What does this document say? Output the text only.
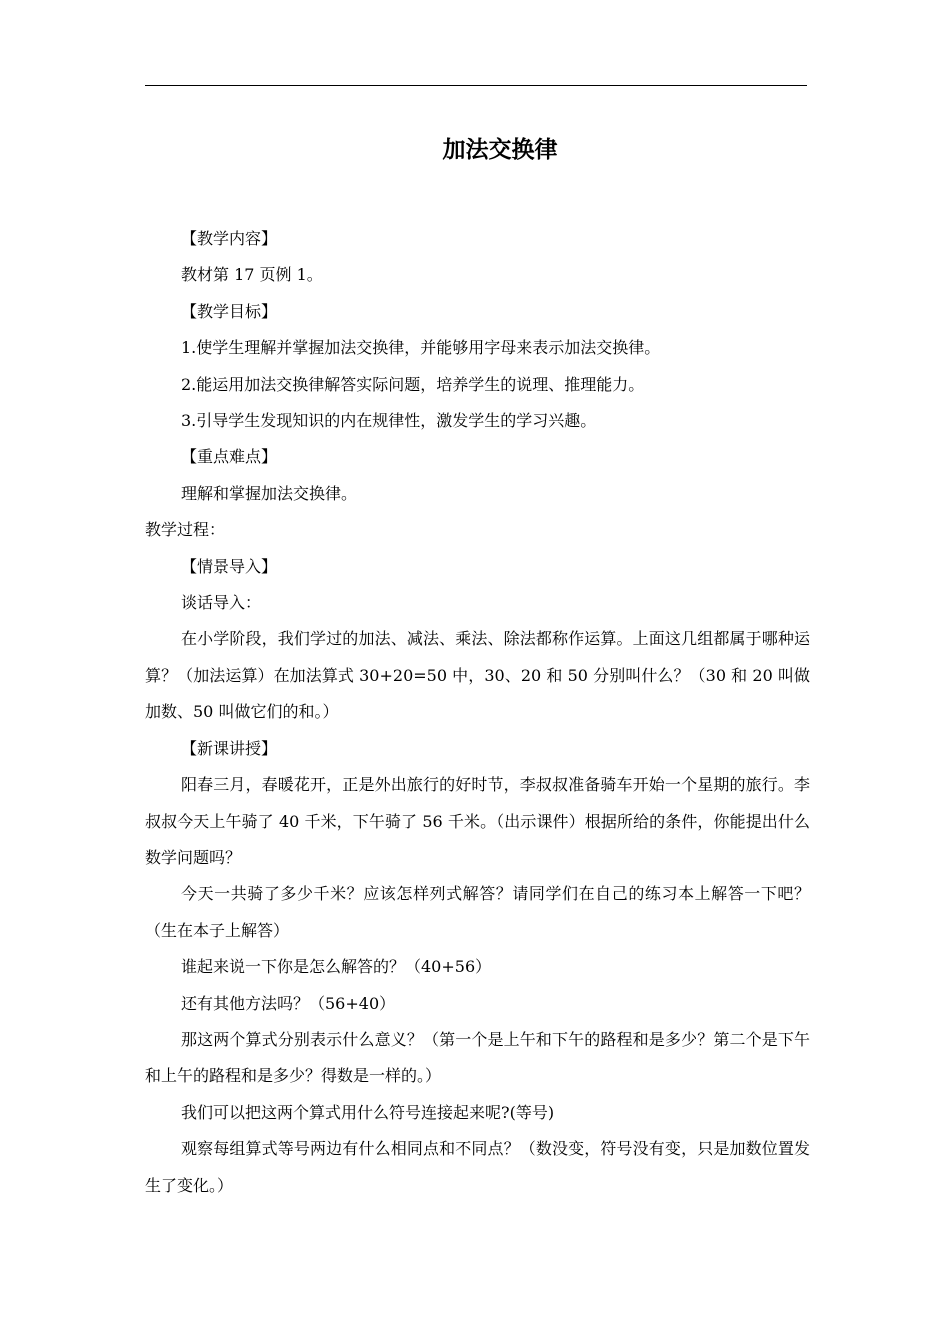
加法交换律

【教学内容】

教材第 17 页例 1。

【教学目标】

1.使学生理解并掌握加法交换律，并能够用字母来表示加法交换律。

2.能运用加法交换律解答实际问题，培养学生的说理、推理能力。

3.引导学生发现知识的内在规律性，激发学生的学习兴趣。

【重点难点】

理解和掌握加法交换律。

教学过程：

【情景导入】

谈话导入：

在小学阶段，我们学过的加法、减法、乘法、除法都称作运算。上面这几组都属于哪种运算？（加法运算）在加法算式 30+20=50 中，30、20 和 50 分别叫什么？（30 和 20 叫做加数、50 叫做它们的和。）

【新课讲授】

阳春三月，春暖花开，正是外出旅行的好时节，李叔叔准备骑车开始一个星期的旅行。李叔叔今天上午骑了 40 千米，下午骑了 56 千米。（出示课件）根据所给的条件，你能提出什么数学问题吗？

今天一共骑了多少千米？应该怎样列式解答？请同学们在自己的练习本上解答一下吧？（生在本子上解答）

谁起来说一下你是怎么解答的？（40+56）

还有其他方法吗？（56+40）

那这两个算式分别表示什么意义？（第一个是上午和下午的路程和是多少？第二个是下午和上午的路程和是多少？得数是一样的。）

我们可以把这两个算式用什么符号连接起来呢?(等号)

观察每组算式等号两边有什么相同点和不同点？（数没变，符号没有变，只是加数位置发生了变化。）
